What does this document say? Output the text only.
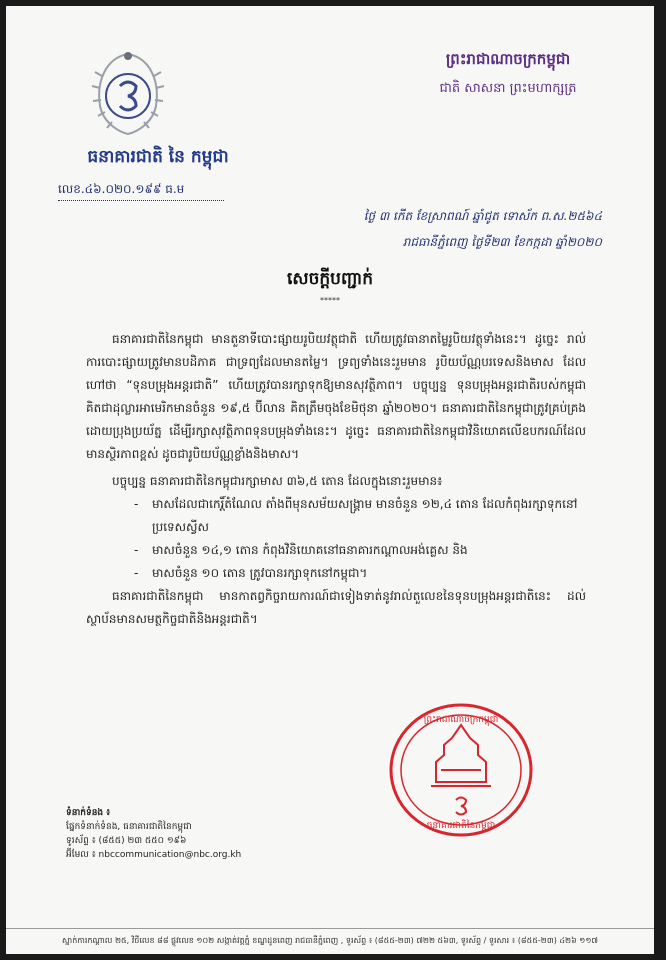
ធនាគារជាតិ នៃ កម្ពុជា
លេខ.៤៦.០២០.១៩៩ ធ.ម
ព្រះរាជាណាចក្រកម្ពុជា
ជាតិ សាសនា ព្រះមហាក្សត្រ
ថ្ងៃ ៣ កើត ខែស្រាពណ៍ ឆ្នាំជូត ទោស័ក ព.ស.២៥៦៤
រាជធានីភ្នំពេញ ថ្ងៃទី២៣ ខែកក្កដា ឆ្នាំ២០២០
សេចក្តីបញ្ជាក់
*****

ធនាគារជាតិនៃកម្ពុជា មានតួនាទីបោះផ្សាយរូបិយវត្ថុជាតិ ហើយត្រូវធានាតម្លៃរូបិយវត្ថុទាំងនេះ។ ដូច្នេះ រាល់ការបោះផ្សាយត្រូវមានបដិភាគ ជាទ្រព្យដែលមានតម្លៃ។ ទ្រព្យទាំងនេះរួមមាន រូបិយប័ណ្ណបរទេសនិងមាស ដែលហៅថា “ទុនបម្រុងអន្តរជាតិ” ហើយត្រូវបានរក្សាទុកឱ្យមានសុវត្ថិភាព។ បច្ចុប្បន្ន ទុនបម្រុងអន្តរជាតិរបស់កម្ពុជាគិតជាដុល្លារអាមេរិកមានចំនួន ១៩,៥ ប៊ីលាន គិតត្រឹមចុងខែមិថុនា ឆ្នាំ២០២០។ ធនាគារជាតិនៃកម្ពុជាត្រូវគ្រប់គ្រងដោយប្រុងប្រយ័ត្ន ដើម្បីរក្សាសុវត្ថិភាពទុនបម្រុងទាំងនេះ។ ដូច្នេះ ធនាគារជាតិនៃកម្ពុជាវិនិយោគលើឧបករណ៍ដែលមានស្ថិរភាពខ្ពស់ ដូចជារូបិយប័ណ្ណខ្លាំងនិងមាស។

បច្ចុប្បន្ន ធនាគារជាតិនៃកម្ពុជារក្សាមាស ៣៦,៥ តោន ដែលក្នុងនោះរួមមាន៖

- មាសដែលជាកេរ្តិ៍តំណែល តាំងពីមុនសម័យសង្គ្រាម មានចំនួន ១២,៤ តោន ដែលកំពុងរក្សាទុកនៅប្រទេសស្វីស
- មាសចំនួន ១៤,១ តោន កំពុងវិនិយោគនៅធនាគារកណ្តាលអង់គ្លេស និង
- មាសចំនួន ១០ តោន ត្រូវបានរក្សាទុកនៅកម្ពុជា។

ធនាគារជាតិនៃកម្ពុជា មានកាតព្វកិច្ចរាយការណ៍ជាទៀងទាត់នូវរាល់តួលេខនៃទុនបម្រុងអន្តរជាតិនេះ ដល់ស្ថាប័នមានសមត្ថកិច្ចជាតិនិងអន្តរជាតិ។

ព្រះរាជាណាចក្រកម្ពុជា
ធនាគារជាតិនៃកម្ពុជា
ទំនាក់ទំនង ៖
ផ្នែកទំនាក់ទំនង, ធនាគារជាតិនៃកម្ពុជា
ទូរស័ព្ទ ៖ (៨៥៥) ២៣ ៥៥០ ១៩៦
អ៊ីមែល ៖ nbccommunication@nbc.org.kh
ស្នាក់ការកណ្តាល ២៥, វិថីលេខ ៨៨ ផ្លូវលេខ ១០២ សង្កាត់វត្តភ្នំ ខណ្ឌដូនពេញ រាជធានីភ្នំពេញ , ទូរស័ព្ទ ៖ (៨៥៥-២៣) ៧២២ ៥៦៣, ទូរស័ព្ទ / ទូរសារ ៖ (៨៥៥-២៣) ៤២៦ ១១៧
